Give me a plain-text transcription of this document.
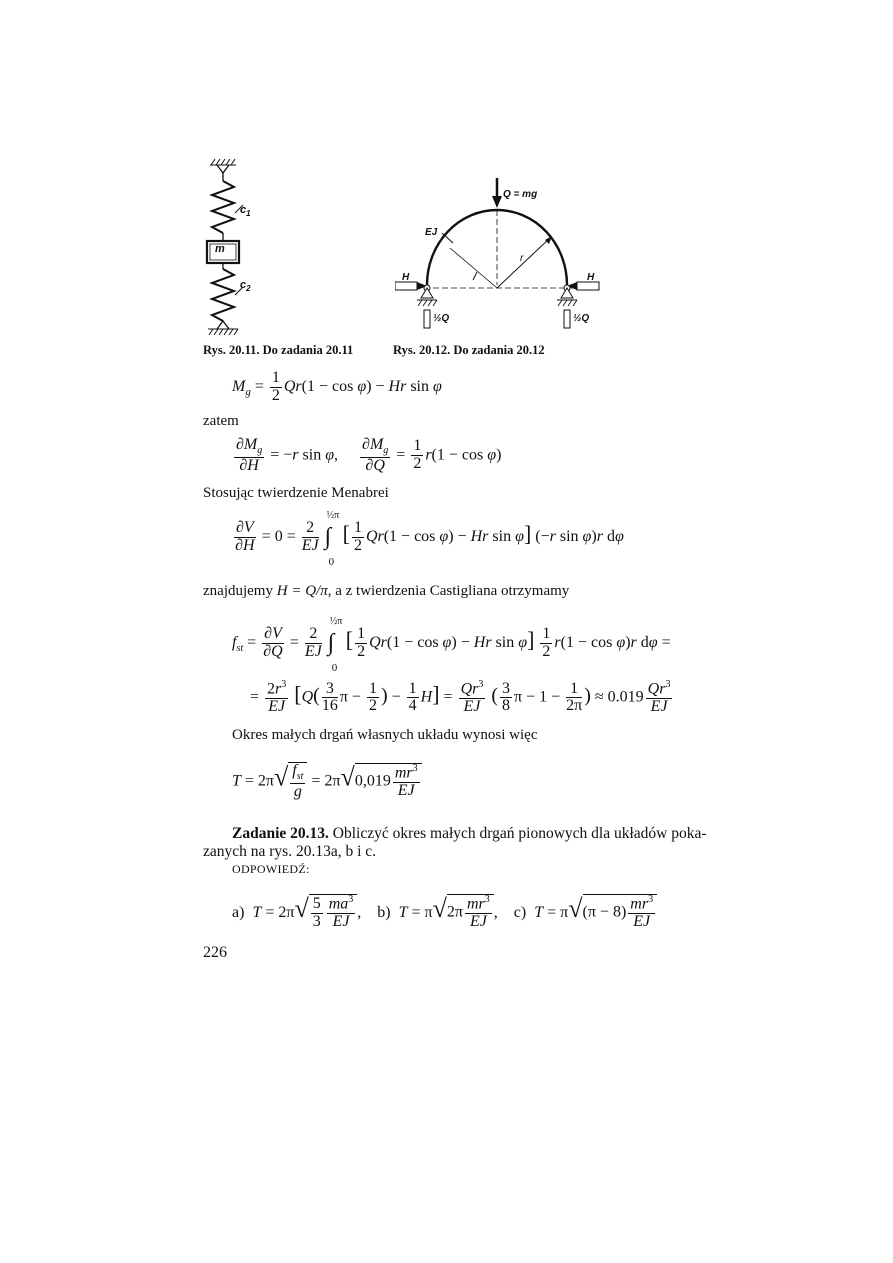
$c_1$
m
$c_2$
Rys. 20.11. Do zadania 20.11
Q = mg
EJ
r
H	H
½Q	½Q
Rys. 20.12. Do zadania 20.12
$M_g = \frac{1}{2} Qr(1 - \cos \varphi) - Hr$ sin φ
zatem
$\frac{\partial M_g}{\partial H} = -r$ sin φ, $\frac{\partial M_g}{\partial Q} = \frac{1}{2} r(1 - \cos \varphi)$
Stosując twierdzenie Menabrei
$\frac{\partial V}{\partial H} = 0 = \frac{2}{EJ}$ ∫
½π
0
[ $\frac{1}{2} Qr(1 - \cos \varphi) - Hr$ sin φ] (−r sin φ)r dφ
znajdujemy H = Q/π, a z twierdzenia Castigliana otrzymamy
$f_{st} = \frac{\partial V}{\partial Q} = \frac{2}{EJ}$ ∫
½π
0
[ $\frac{1}{2} Qr(1 - \cos \varphi) - Hr$ $\sin \varphi] \frac{1}{2} r(1 - \cos \varphi)r$ dφ =
= $\frac{2r^3}{EJ} [Q( \frac{3}{16}$ $\pi - \frac{1}{2}$ ) − $\frac{1}{4} H] = \frac{Qr^3}{EJ}$ ( $\frac{3}{8}$ $\pi - 1 - \frac{1}{2\pi}$ ) ≈ $0.019 \frac{Qr^3}{EJ}$
Okres małych drgań własnych układu wynosi więc
$T = 2\pi√ \frac{f_{st}}{g} = 2\pi√0,019 \frac{mr^3}{EJ}$
Zadanie 20.13. Obliczyć okres małych drgań pionowych dla układów poka-
zanych na rys. 20.13a, b i c.
ODPOWIEDŹ:
a)  $T = 2\pi√ \frac{5}{3} \frac{ma^3}{EJ}$ ,    b)  $T = \pi√2\pi \frac{mr^3}{EJ}$ ,    c)  $T = \pi√(\pi - 8) \frac{mr^3}{EJ}$
226
